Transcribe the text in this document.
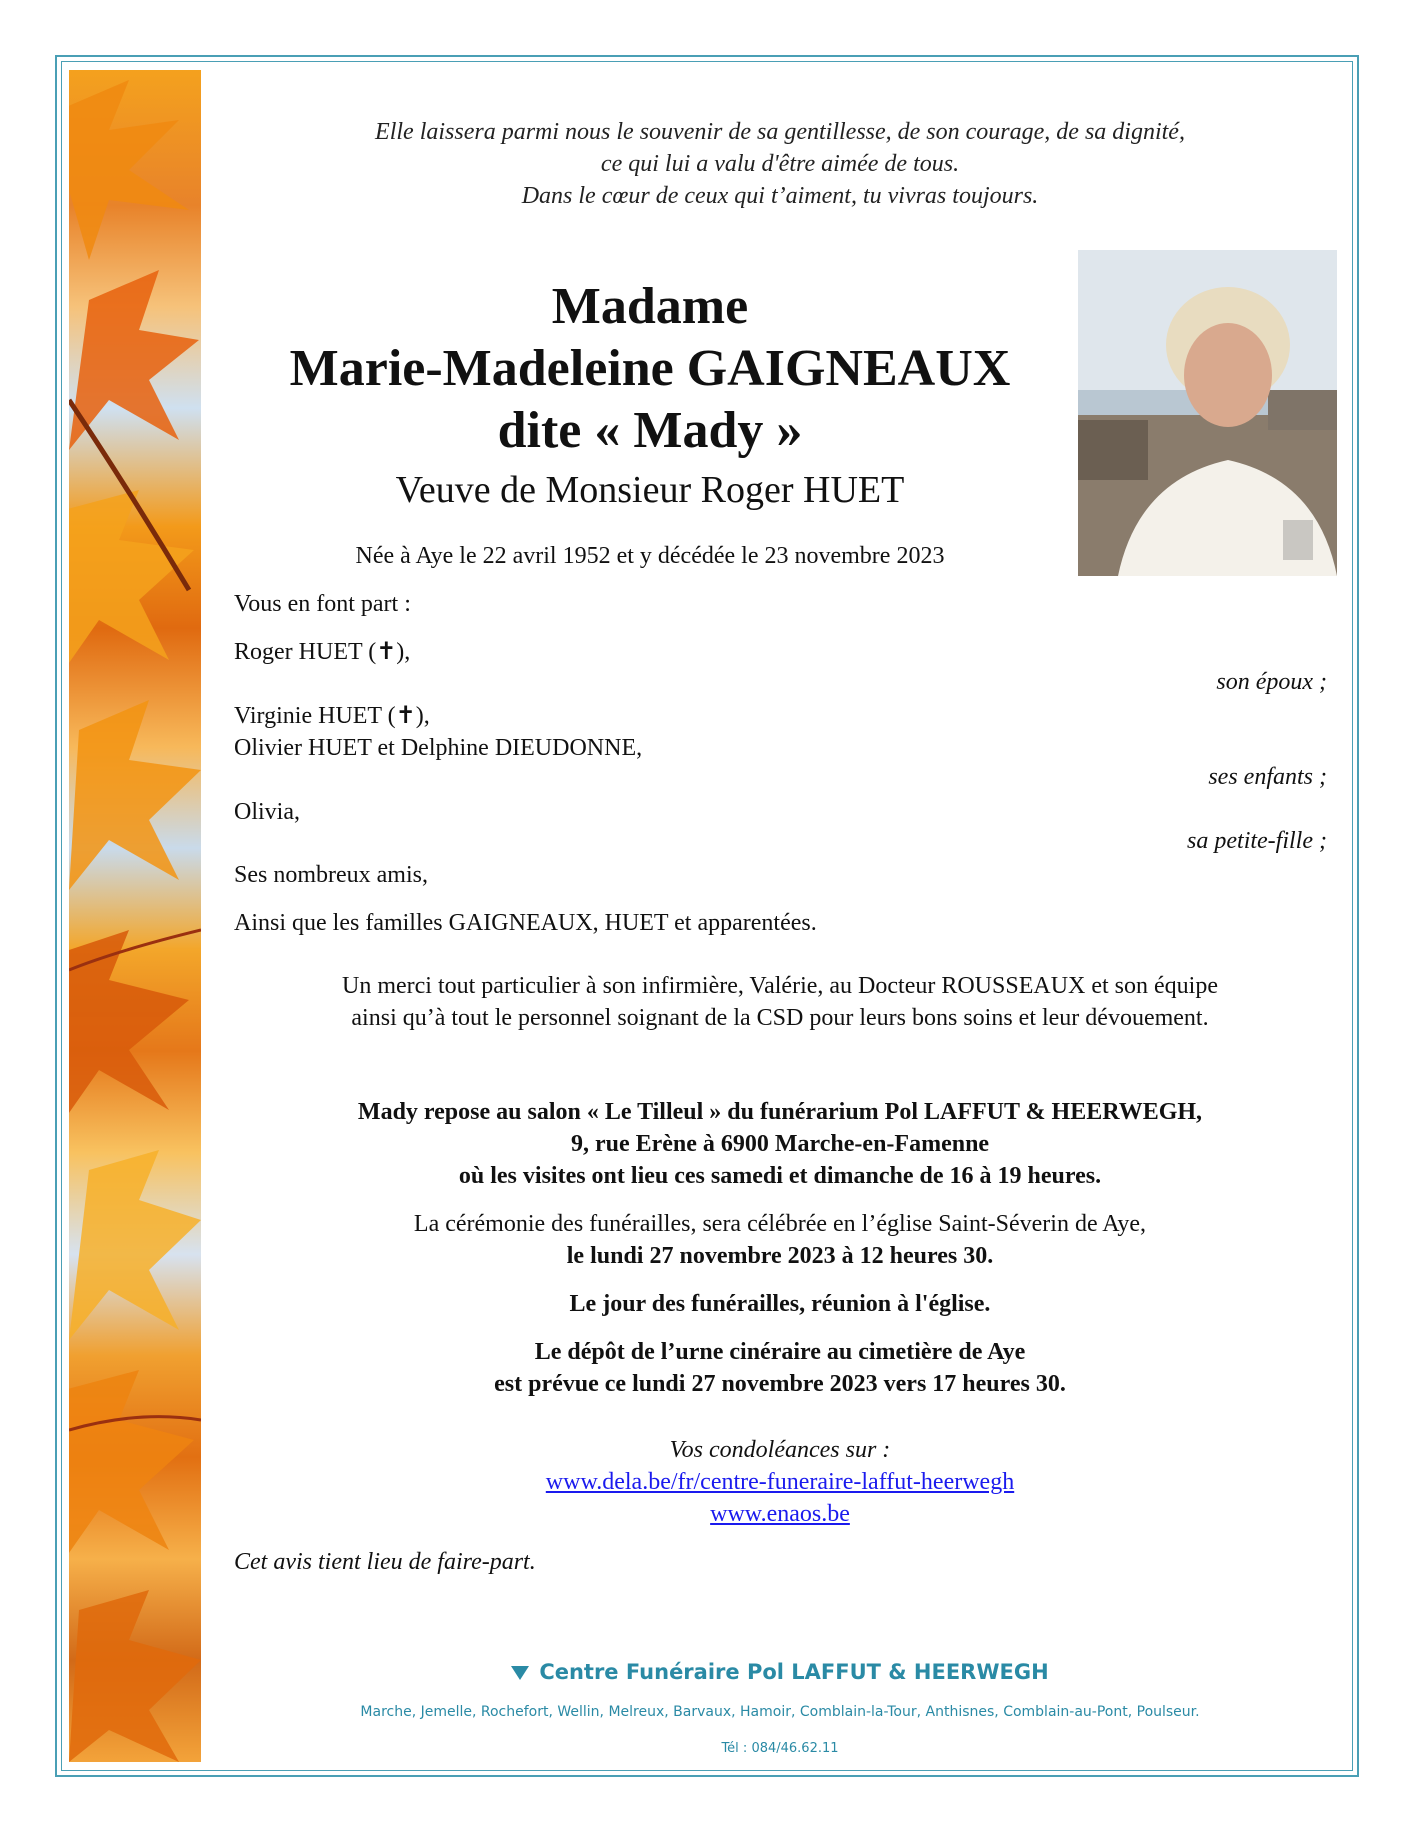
Elle laissera parmi nous le souvenir de sa gentillesse, de son courage, de sa dignité,
ce qui lui a valu d'être aimée de tous.
Dans le cœur de ceux qui t’aiment, tu vivras toujours.
Madame
Marie-Madeleine GAIGNEAUX
dite « Mady »
Veuve de Monsieur Roger HUET
Née à Aye le 22 avril 1952 et y décédée le 23 novembre 2023
Vous en font part :
Roger HUET (✝),
son époux ;
Virginie HUET (✝),
Olivier HUET et Delphine DIEUDONNE,
ses enfants ;
Olivia,
sa petite-fille ;
Ses nombreux amis,
Ainsi que les familles GAIGNEAUX, HUET et apparentées.
Un merci tout particulier à son infirmière, Valérie, au Docteur ROUSSEAUX et son équipe
ainsi qu’à tout le personnel soignant de la CSD pour leurs bons soins et leur dévouement.
Mady repose au salon « Le Tilleul » du funérarium Pol LAFFUT & HEERWEGH,
9, rue Erène à 6900 Marche-en-Famenne
où les visites ont lieu ces samedi et dimanche de 16 à 19 heures.
La cérémonie des funérailles, sera célébrée en l’église Saint-Séverin de Aye,
le lundi 27 novembre 2023 à 12 heures 30.
Le jour des funérailles, réunion à l'église.
Le dépôt de l’urne cinéraire au cimetière de Aye
est prévue ce lundi 27 novembre 2023 vers 17 heures 30.
Vos condoléances sur :
www.dela.be/fr/centre-funeraire-laffut-heerwegh
www.enaos.be
Cet avis tient lieu de faire-part.
Centre Funéraire Pol LAFFUT & HEERWEGH
Marche, Jemelle, Rochefort, Wellin, Melreux, Barvaux, Hamoir, Comblain-la-Tour, Anthisnes, Comblain-au-Pont, Poulseur.
Tél : 084/46.62.11
